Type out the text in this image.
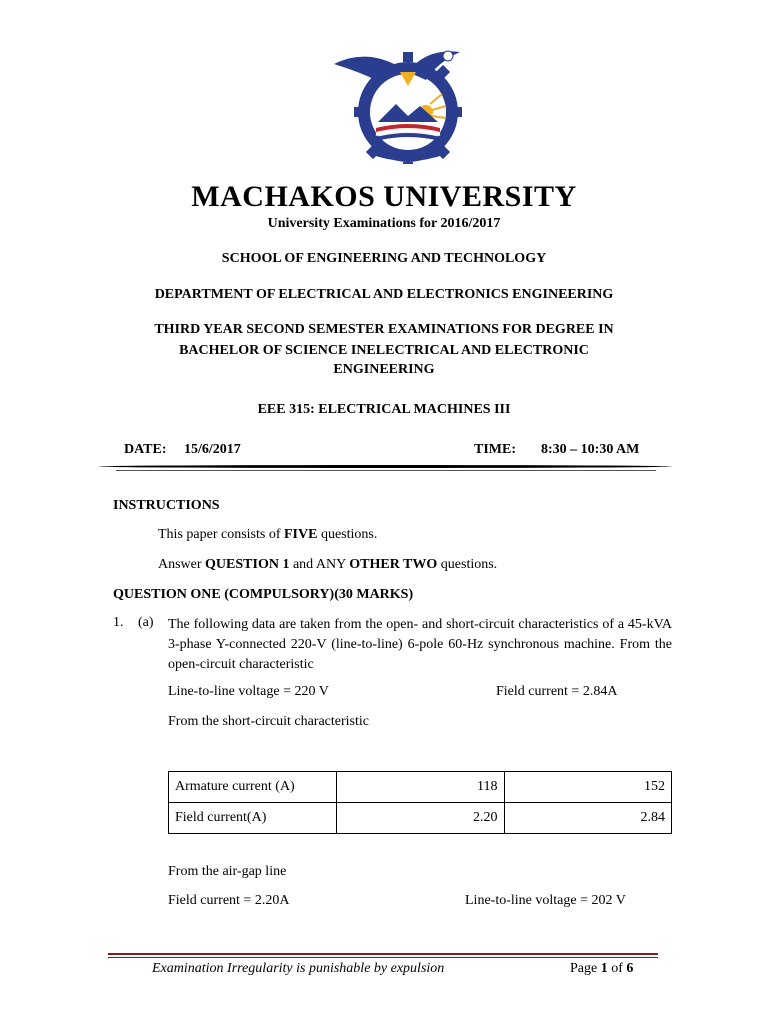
MACHAKOS UNIVERSITY
University Examinations for 2016/2017
SCHOOL OF ENGINEERING AND TECHNOLOGY
DEPARTMENT OF ELECTRICAL AND ELECTRONICS ENGINEERING
THIRD YEAR SECOND SEMESTER EXAMINATIONS FOR DEGREE IN
BACHELOR OF SCIENCE INELECTRICAL AND ELECTRONIC
ENGINEERING
EEE 315: ELECTRICAL MACHINES III
DATE: 15/6/2017	TIME: 8:30 – 10:30 AM
INSTRUCTIONS
This paper consists of FIVE questions.
Answer QUESTION 1 and ANY OTHER TWO questions.
QUESTION ONE (COMPULSORY)(30 MARKS)
1. (a) The following data are taken from the open- and short-circuit characteristics of a 45-kVA 3-phase Y-connected 220-V (line-to-line) 6-pole 60-Hz synchronous machine. From the open-circuit characteristic
Line-to-line voltage = 220 V	Field current = 2.84A
From the short-circuit characteristic
Armature current (A)	118	152
Field current(A)	2.20	2.84
From the air-gap line
Field current = 2.20A	Line-to-line voltage = 202 V
Examination Irregularity is punishable by expulsion	Page 1 of 6
